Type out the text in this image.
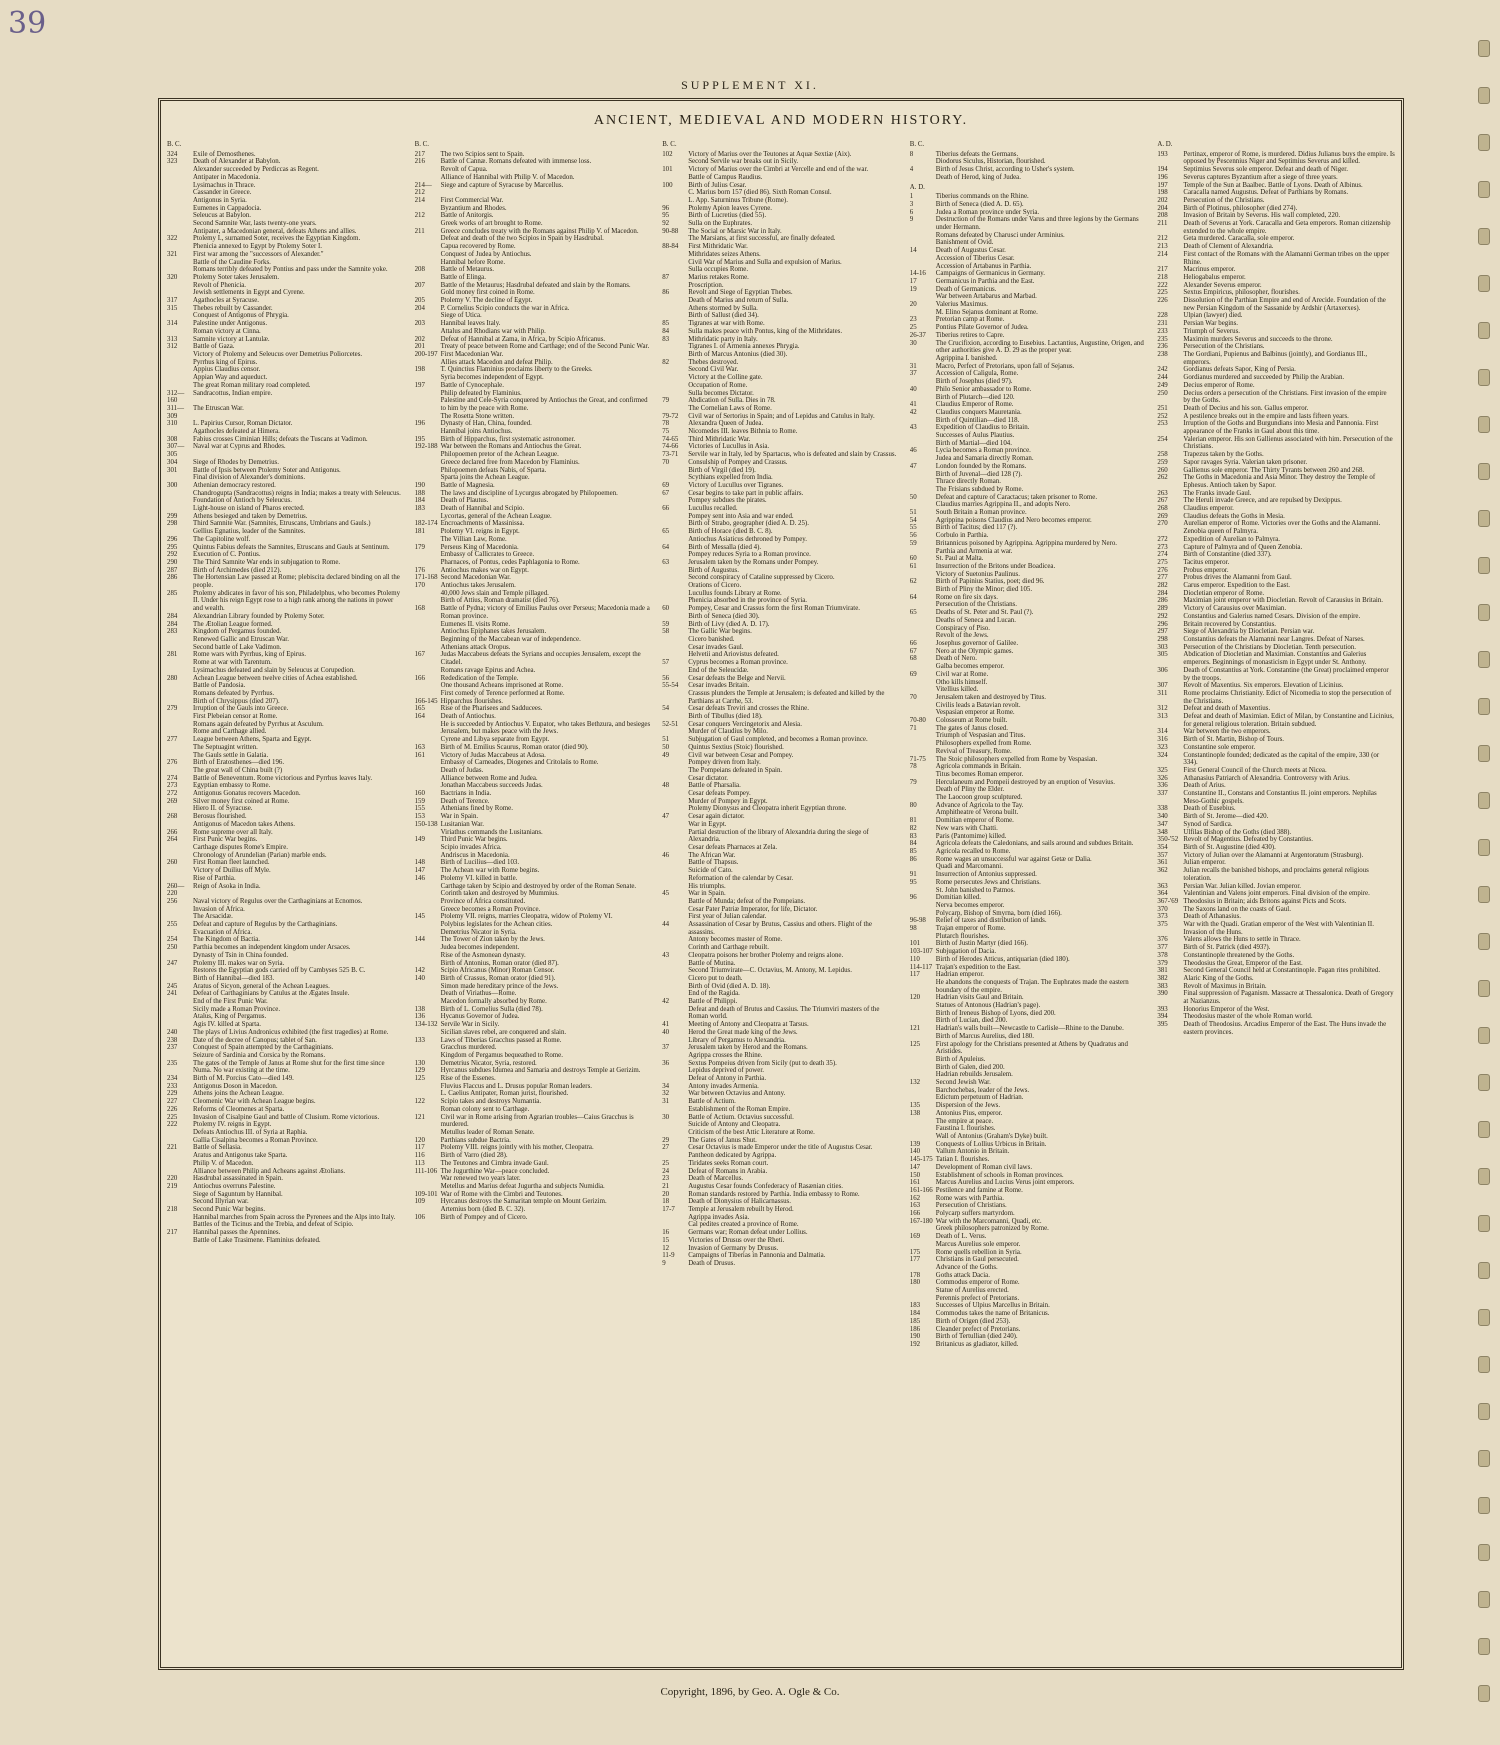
39
SUPPLEMENT XI.
ANCIENT, MEDIEVAL AND MODERN HISTORY.
B. C.
324	Exile of Demosthenes.
323	Death of Alexander at Babylon.
Alexander succeeded by Perdiccas as Regent.
Antipater in Macedonia.
Lysimachus in Thrace.
Cassander in Greece.
Antigonus in Syria.
Eumenes in Cappadocia.
Seleucus at Babylon.
Second Samnite War, lasts twenty-one years.
Antipater, a Macedonian general, defeats Athens and allies.
322	Ptolemy I., surnamed Soter, receives the Egyptian Kingdom.
Phenicia annexed to Egypt by Ptolemy Soter I.
321	First war among the "successors of Alexander."
Battle of the Caudine Forks.
Romans terribly defeated by Pontius and pass under the Samnite yoke.
320	Ptolemy Soter takes Jerusalem.
Revolt of Phenicia.
Jewish settlements in Egypt and Cyrene.
317	Agathocles at Syracuse.
315	Thebes rebuilt by Cassander.
Conquest of Antigonus of Phrygia.
314	Palestine under Antigonus.
Roman victory at Cinna.
313	Samnite victory at Lantulæ.
312	Battle of Gaza.
Victory of Ptolemy and Seleucus over Demetrius Poliorcetes.
Pyrrhus king of Epirus.
Appius Claudius censor.
Appian Way and aqueduct.
The great Roman military road completed.
312—160
Sandracottus, Indian empire.
311—309
The Etruscan War.
310	L. Papirius Cursor, Roman Dictator.
Agathocles defeated at Himera.
308	Fabius crosses Ciminian Hills; defeats the Tuscans at Vadimon.
307—305
Naval war at Cyprus and Rhodes.
304	Siege of Rhodes by Demetrius.
301	Battle of Ipsis between Ptolemy Soter and Antigonus.
Final division of Alexander's dominions.
300	Athenian democracy restored.
Chandrogupta (Sandracottus) reigns in India; makes a treaty with Seleucus.
Foundation of Antioch by Seleucus.
Light-house on island of Pharos erected.
299	Athens besieged and taken by Demetrius.
298	Third Samnite War. (Samnites, Etruscans, Umbrians and Gauls.)
Gellius Egnatius, leader of the Samnites.
296	The Capitoline wolf.
295	Quintus Fabius defeats the Samnites, Etruscans and Gauls at Sentinum.
292	Execution of C. Pontius.
290	The Third Samnite War ends in subjugation to Rome.
287	Birth of Archimedes (died 212).
286	The Hortensian Law passed at Rome; plebiscita declared binding on all the people.
285	Ptolemy abdicates in favor of his son, Philadelphus, who becomes Ptolemy II. Under his reign Egypt rose to a high rank among the nations in power and wealth.
284	Alexandrian Library founded by Ptolemy Soter.
284	The Ætolian League formed.
283	Kingdom of Pergamus founded.
Renewed Gallic and Etruscan War.
Second battle of Lake Vadimon.
281	Rome wars with Pyrrhus, king of Epirus.
Rome at war with Tarentum.
Lysimachus defeated and slain by Seleucus at Corupedion.
280	Achean League between twelve cities of Achea established.
Battle of Pandosia.
Romans defeated by Pyrrhus.
Birth of Chrysippus (died 207).
279	Irruption of the Gauls into Greece.
First Plebeian censor at Rome.
Romans again defeated by Pyrrhus at Asculum.
Rome and Carthage allied.
277	League between Athens, Sparta and Egypt.
The Septuagint written.
The Gauls settle in Galatia.
276	Birth of Eratosthenes—died 196.
The great wall of China built (?)
274	Battle of Beneventum. Rome victorious and Pyrrhus leaves Italy.
273	Egyptian embassy to Rome.
272	Antigonus Gonatus recovers Macedon.
269	Silver money first coined at Rome.
Hiero II. of Syracuse.
268	Berosus flourished.
Antigonus of Macedon takes Athens.
266	Rome supreme over all Italy.
264	First Punic War begins.
Carthage disputes Rome's Empire.
Chronology of Arundelian (Parian) marble ends.
260	First Roman fleet launched.
Victory of Duilius off Myle.
Rise of Parthia.
260—220
Reign of Asoka in India.
256	Naval victory of Regulus over the Carthaginians at Ecnomos.
Invasion of Africa.
The Arsacidæ.
255	Defeat and capture of Regulus by the Carthaginians.
Evacuation of Africa.
254	The Kingdom of Bactia.
250	Parthia becomes an independent kingdom under Arsaces.
Dynasty of Tsin in China founded.
247	Ptolemy III. makes war on Syria.
Restores the Egyptian gods carried off by Cambyses 525 B. C.
Birth of Hannibal—died 183.
245	Aratus of Sicyon, general of the Achean Leagues.
241	Defeat of Carthaginians by Catulus at the Ægates Insule.
End of the First Punic War.
Sicily made a Roman Province.
Atalus, King of Pergamus.
Agis IV. killed at Sparta.
240	The plays of Livius Andronicus exhibited (the first tragedies) at Rome.
238	Date of the decree of Canopus; tablet of San.
237	Conquest of Spain attempted by the Carthaginians.
Seizure of Sardinia and Corsica by the Romans.
235	The gates of the Temple of Janus at Rome shut for the first time since Numa. No war existing at the time.
234	Birth of M. Porcius Cato—died 149.
233	Antigonus Doson in Macedon.
229	Athens joins the Achean League.
227	Cleomenic War with Achean League begins.
226	Reforms of Cleomenes at Sparta.
225	Invasion of Cisalpine Gaul and battle of Clusium. Rome victorious.
222	Ptolemy IV. reigns in Egypt.
Defeats Antiochus III. of Syria at Raphia.
Gallia Cisalpina becomes a Roman Province.
221	Battle of Sellasia.
Aratus and Antigonus take Sparta.
Philip V. of Macedon.
Alliance between Philip and Acheans against Ætolians.
220	Hasdrubal assassinated in Spain.
219	Antiochus overruns Palestine.
Siege of Saguntum by Hannibal.
Second Illyrian war.
218	Second Punic War begins.
Hannibal marches from Spain across the Pyrenees and the Alps into Italy.
Battles of the Ticinus and the Trebia, and defeat of Scipio.
217	Hannibal passes the Apennines.
Battle of Lake Trasimene. Flaminius defeated.
B. C.
217	The two Scipios sent to Spain.
216	Battle of Cannæ. Romans defeated with immense loss.
Revolt of Capua.
Alliance of Hannibal with Philip V. of Macedon.
214—212
Siege and capture of Syracuse by Marcellus.
214	First Commercial War.
Byzantium and Rhodes.
212	Battle of Anitorgis.
Greek works of art brought to Rome.
211	Greece concludes treaty with the Romans against Philip V. of Macedon.
Defeat and death of the two Scipios in Spain by Hasdrubal.
Capua recovered by Rome.
Conquest of Judea by Antiochus.
Hannibal before Rome.
208	Battle of Metaurus.
Battle of Elinga.
207	Battle of the Metaurus; Hasdrubal defeated and slain by the Romans.
Gold money first coined in Rome.
205	Ptolemy V. The decline of Egypt.
204	P. Cornelius Scipio conducts the war in Africa.
Siege of Utica.
203	Hannibal leaves Italy.
Attalus and Rhodians war with Philip.
202	Defeat of Hannibal at Zama, in Africa, by Scipio Africanus.
201	Treaty of peace between Rome and Carthage; end of the Second Punic War.
200-197 First Macedonian War.
Allies attack Macedon and defeat Philip.
198	T. Quinctius Flaminius proclaims liberty to the Greeks.
Syria becomes independent of Egypt.
197	Battle of Cynocephale.
Philip defeated by Flaminius.
Palestine and Cele-Syria conquered by Antiochus the Great, and confirmed to him by the peace with Rome.
The Rosetta Stone written.
196	Dynasty of Han, China, founded.
Hannibal joins Antiochus.
195	Birth of Hipparchus, first systematic astronomer.
192-188 War between the Romans and Antiochus the Great.
Philopoemen pretor of the Achean League.
Greece declared free from Macedon by Flaminius.
Philopoemen defeats Nabis, of Sparta.
Sparta joins the Achean League.
190	Battle of Magnesia.
188	The laws and discipline of Lycurgus abrogated by Philopoemen.
184	Death of Plautus.
183	Death of Hannibal and Scipio.
Lycortas, general of the Achean League.
182-174 Encroachments of Massinissa.
181	Ptolemy VI. reigns in Egypt.
The Villian Law, Rome.
179	Perseus King of Macedonia.
Embassy of Callicrates to Greece.
Pharnaces, of Pontus, cedes Paphlagonia to Rome.
176	Antiochus makes war on Egypt.
171-168 Second Macedonian War.
170	Antiochus takes Jerusalem.
40,000 Jews slain and Temple pillaged.
Birth of Attius, Roman dramatist (died 76).
168	Battle of Pydna; victory of Emilius Paulus over Perseus; Macedonia made a Roman province.
Eumenes II. visits Rome.
Antiochus Epiphanes takes Jerusalem.
Beginning of the Maccabean war of independence.
Athenians attack Oropus.
167	Judas Maccabeus defeats the Syrians and occupies Jerusalem, except the Citadel.
Romans ravage Epirus and Achea.
166	Rededication of the Temple.
One thousand Acheans imprisoned at Rome.
First comedy of Terence performed at Rome.
166-145 Hipparchus flourishes.
165	Rise of the Pharisees and Sadducees.
164	Death of Antiochus.
He is succeeded by Antiochus V. Eupator, who takes Bethzura, and besieges Jerusalem, but makes peace with the Jews.
Cyrene and Libya separate from Egypt.
163	Birth of M. Emilius Scaurus, Roman orator (died 90).
161	Victory of Judas Maccabeus at Adosa.
Embassy of Carneades, Diogenes and Critolaüs to Rome.
Death of Judas.
Alliance between Rome and Judea.
Jonathan Maccabeus succeeds Judas.
160	Bactrians in India.
159	Death of Terence.
155	Athenians fined by Rome.
153	War in Spain.
150-138 Lusitanian War.
Viriathus commands the Lusitanians.
149	Third Punic War begins.
Scipio invades Africa.
Andriscus in Macedonia.
148	Birth of Lucilius—died 103.
147	The Achean war with Rome begins.
146	Ptolemy VI. killed in battle.
Carthage taken by Scipio and destroyed by order of the Roman Senate.
Corinth taken and destroyed by Mummius.
Province of Africa constituted.
Greece becomes a Roman Province.
145	Ptolemy VII. reigns, marries Cleopatra, widow of Ptolemy VI.
Polybius legislates for the Achean cities.
Demetrius Nicator in Syria.
144	The Tower of Zion taken by the Jews.
Judea becomes independent.
Rise of the Asmonean dynasty.
Birth of Antonius, Roman orator (died 87).
142	Scipio Africanus (Minor) Roman Censor.
140	Birth of Crassus, Roman orator (died 91).
Simon made hereditary prince of the Jews.
Death of Viriathus—Rome.
Macedon formally absorbed by Rome.
138	Birth of L. Cornelius Sulla (died 78).
136	Hycanus Governor of Judea.
134-132 Servile War in Sicily.
Sicilian slaves rebel, are conquered and slain.
133	Laws of Tiberias Gracchus passed at Rome.
Gracchus murdered.
Kingdom of Pergamus bequeathed to Rome.
130	Demetrius Nicator, Syria, restored.
129	Hyrcanus subdues Idumea and Samaria and destroys Temple at Gerizim.
125	Rise of the Essenes.
Fluvius Flaccus and L. Drusus popular Roman leaders.
L. Caelius Antipater, Roman jurist, flourished.
122	Scipio takes and destroys Numantia.
Roman colony sent to Carthage.
121	Civil war in Rome arising from Agrarian troubles—Caius Gracchus is murdered.
Metullus leader of Roman Senate.
120	Parthians subdue Bactria.
117	Ptolemy VIII. reigns jointly with his mother, Cleopatra.
116	Birth of Varro (died 28).
113	The Teutones and Cimbra invade Gaul.
111-106 The Jugurthine War—peace concluded.
War renewed two years later.
Metellus and Marius defeat Jugurtha and subjects Numidia.
109-101 War of Rome with the Cimbri and Teutones.
109	Hyrcanus destroys the Samaritan temple on Mount Gerizim.
Artemius born (died B. C. 32).
106	Birth of Pompey and of Cicero.
B. C.
102	Victory of Marius over the Teutones at Aquæ Sextiæ (Aix).
Second Servile war breaks out in Sicily.
101	Victory of Marius over the Cimbri at Vercelle and end of the war.
Battle of Campus Raudius.
100	Birth of Julius Cesar.
C. Marius born 157 (died 86). Sixth Roman Consul.
L. App. Saturninus Tribune (Rome).
96	Ptolemy Apion leaves Cyrene.
95	Birth of Lucretius (died 55).
92	Sulla on the Euphrates.
90-88	The Social or Marsic War in Italy.
The Marsians, at first successful, are finally defeated.
88-84	First Mithridatic War.
Mithridates seizes Athens.
Civil War of Marius and Sulla and expulsion of Marius.
Sulla occupies Rome.
87	Marius retakes Rome.
Proscription.
86	Revolt and Siege of Egyptian Thebes.
Death of Marius and return of Sulla.
Athens stormed by Sulla.
Birth of Sallust (died 34).
85	Tigranes at war with Rome.
84	Sulla makes peace with Pontus, king of the Mithridates.
83	Mithridatic party in Italy.
Tigranes I. of Armenia annexes Phrygia.
Birth of Marcus Antonius (died 30).
82	Thebes destroyed.
Second Civil War.
Victory at the Colline gate.
Occupation of Rome.
Sulla becomes Dictator.
79	Abdication of Sulla. Dies in 78.
The Cornelian Laws of Rome.
79-72	Civil war of Sertorius in Spain; and of Lepidus and Catulus in Italy.
78	Alexandra Queen of Judea.
75	Nicomedes III. leaves Bithnia to Rome.
74-65	Third Mithridatic War.
74-66	Victories of Lucullus in Asia.
73-71	Servile war in Italy, led by Spartacus, who is defeated and slain by Crassus.
70	Consulship of Pompey and Crassus.
Birth of Virgil (died 19).
Scythians expelled from India.
69	Victory of Lucullus over Tigranes.
67	Cesar begins to take part in public affairs.
Pompey subdues the pirates.
66	Lucullus recalled.
Pompey sent into Asia and war ended.
Birth of Strabo, geographer (died A. D. 25).
65	Birth of Horace (died B. C. 8).
Antiochus Asiaticus dethroned by Pompey.
64	Birth of Messalla (died 4).
Pompey reduces Syria to a Roman province.
63	Jerusalem taken by the Romans under Pompey.
Birth of Augustus.
Second conspiracy of Cataline suppressed by Cicero.
Orations of Cicero.
Lucullus founds Library at Rome.
Phenicia absorbed in the province of Syria.
60	Pompey, Cesar and Crassus form the first Roman Triumvirate.
Birth of Seneca (died 30).
59	Birth of Livy (died A. D. 17).
58	The Gallic War begins.
Cicero banished.
Cesar invades Gaul.
Helvetii and Ariovistus defeated.
57	Cyprus becomes a Roman province.
End of the Seleucidæ.
56	Cesar defeats the Belge and Nervii.
55-54	Cesar invades Britain.
Crassus plunders the Temple at Jerusalem; is defeated and killed by the Parthians at Carrhe, 53.
54	Cesar defeats Treviri and crosses the Rhine.
Birth of Tibullus (died 18).
52-51	Cesar conquers Vercingetorix and Alesia.
Murder of Claudius by Milo.
51	Subjugation of Gaul completed, and becomes a Roman province.
50	Quintus Sextius (Stoic) flourished.
49	Civil war between Cesar and Pompey.
Pompey driven from Italy.
The Pompeians defeated in Spain.
Cesar dictator.
48	Battle of Pharsalia.
Cesar defeats Pompey.
Murder of Pompey in Egypt.
Ptolemy Dionysus and Cleopatra inherit Egyptian throne.
47	Cesar again dictator.
War in Egypt.
Partial destruction of the library of Alexandria during the siege of Alexandria.
Cesar defeats Pharnaces at Zela.
46	The African War.
Battle of Thapsus.
Suicide of Cato.
Reformation of the calendar by Cesar.
His triumphs.
45	War in Spain.
Battle of Munda; defeat of the Pompeians.
Cesar Pater Patriæ Imperator, for life, Dictator.
First year of Julian calendar.
44	Assassination of Cesar by Brutus, Cassius and others. Flight of the assassins.
Antony becomes master of Rome.
Corinth and Carthage rebuilt.
43	Cleopatra poisons her brother Ptolemy and reigns alone.
Battle of Mutina.
Second Triumvirate—C. Octavius, M. Antony, M. Lepidus.
Cicero put to death.
Birth of Ovid (died A. D. 18).
End of the Ragida.
42	Battle of Philippi.
Defeat and death of Brutus and Cassius. The Triumviri masters of the Roman world.
41	Meeting of Antony and Cleopatra at Tarsus.
40	Herod the Great made king of the Jews.
Library of Pergamus to Alexandria.
37	Jerusalem taken by Herod and the Romans.
Agrippa crosses the Rhine.
36	Sextus Pompeius driven from Sicily (put to death 35).
Lepidus deprived of power.
Defeat of Antony in Parthia.
34	Antony invades Armenia.
32	War between Octavius and Antony.
31	Battle of Actium.
Establishment of the Roman Empire.
30	Battle of Actium. Octavius successful.
Suicide of Antony and Cleopatra.
Criticism of the best Attic Literature at Rome.
29	The Gates of Janus Shut.
27	Cesar Octavius is made Emperor under the title of Augustus Cesar.
Pantheon dedicated by Agrippa.
25	Tiridates seeks Roman court.
24	Defeat of Romans in Arabia.
23	Death of Marcellus.
21	Augustus Cesar founds Confederacy of Rasænian cities.
20	Roman standards restored by Parthia. India embassy to Rome.
18	Death of Dionysius of Halicarnassus.
17-7	Temple at Jerusalem rebuilt by Herod.
Agrippa invades Asia.
Cal pedites created a province of Rome.
16	Germans war; Roman defeat under Lollius.
15	Victories of Drusus over the Rheti.
12	Invasion of Germany by Drusus.
11-9	Campaigns of Tiberias in Pannonia and Dalmatia.
9	Death of Drusus.
B. C.
8	Tiberius defeats the Germans.
Diodorus Siculus, Historian, flourished.
4	Birth of Jesus Christ, according to Usher's system.
Death of Herod, king of Judea.
A. D.
1	Tiberius commands on the Rhine.
3	Birth of Seneca (died A. D. 65).
6	Judea a Roman province under Syria.
9	Destruction of the Romans under Varus and three legions by the Germans under Hermann.
Romans defeated by Charusci under Arminius.
Banishment of Ovid.
14	Death of Augustus Cesar.
Accession of Tiberius Cesar.
Accession of Artabanus in Parthia.
14-16	Campaigns of Germanicus in Germany.
17	Germanicus in Parthia and the East.
19	Death of Germanicus.
War between Artabarus and Marbad.
20	Valerius Maximus.
M. Elino Sejanus dominant at Rome.
23	Pretorian camp at Rome.
25	Pontius Pilate Governor of Judea.
26-37	Tiberius retires to Capre.
30	The Crucifixion, according to Eusebius. Lactantius, Augustine, Origen, and other authorities give A. D. 29 as the proper year.
Agrippina I. banished.
31	Macro, Perfect of Pretorians, upon fall of Sejanus.
37	Accession of Caligula, Rome.
Birth of Josephus (died 97).
40	Philo Senior ambassador to Rome.
Birth of Plutarch—died 120.
41	Claudius Emperor of Rome.
42	Claudius conquers Mauretania.
Birth of Quintilian—died 118.
43	Expedition of Claudius to Britain.
Successes of Aulus Plautius.
Birth of Martial—died 104.
46	Lycia becomes a Roman province.
Judea and Samaria directly Roman.
47	London founded by the Romans.
Birth of Juvenal—died 128 (?).
Thrace directly Roman.
The Frisians subdued by Rome.
50	Defeat and capture of Caractacus; taken prisoner to Rome.
Claudius marries Agrippina II., and adopts Nero.
51	South Britain a Roman province.
54	Agrippina poisons Claudius and Nero becomes emperor.
55	Birth of Tacitus; died 117 (?).
56	Corbulo in Parthia.
59	Britannicus poisoned by Agrippina. Agrippina murdered by Nero.
Parthia and Armenia at war.
60	St. Paul at Malta.
61	Insurrection of the Britons under Boadicea.
Victory of Suetonius Paulinus.
62	Birth of Papinius Statius, poet; died 96.
Birth of Pliny the Minor; died 105.
64	Rome on fire six days.
Persecution of the Christians.
65	Deaths of St. Peter and St. Paul (?).
Deaths of Seneca and Lucan.
Conspiracy of Piso.
Revolt of the Jews.
66	Josephus governor of Galilee.
67	Nero at the Olympic games.
68	Death of Nero.
Galba becomes emperor.
69	Civil war at Rome.
Otho kills himself.
Vitellius killed.
70	Jerusalem taken and destroyed by Titus.
Civilis leads a Batavian revolt.
Vespasian emperor at Rome.
70-80	Colosseum at Rome built.
71	The gates of Janus closed.
Triumph of Vespasian and Titus.
Philosophers expelled from Rome.
Revival of Treasury, Rome.
71-75	The Stoic philosophers expelled from Rome by Vespasian.
78	Agricola commands in Britain.
Titus becomes Roman emperor.
79	Herculaneum and Pompeii destroyed by an eruption of Vesuvius.
Death of Pliny the Elder.
The Laocoon group sculptured.
80	Advance of Agricola to the Tay.
Amphitheatre of Verona built.
81	Domitian emperor of Rome.
82	New wars with Chatti.
83	Paris (Pantomime) killed.
84	Agricola defeats the Caledonians, and sails around and subdues Britain.
85	Agricola recalled to Rome.
86	Rome wages an unsuccessful war against Getæ or Dalia.
Quadi and Marcomanni.
91	Insurrection of Antonius suppressed.
95	Rome persecutes Jews and Christians.
St. John banished to Patmos.
96	Domitian killed.
Nerva becomes emperor.
Polycarp, Bishop of Smyrna, born (died 166).
96-98	Relief of taxes and distribution of lands.
98	Trajan emperor of Rome.
Plutarch flourishes.
101	Birth of Justin Martyr (died 166).
103-107 Subjugation of Dacia.
110	Birth of Herodes Atticus, antiquarian (died 180).
114-117 Trajan's expedition to the East.
117	Hadrian emperor.
He abandons the conquests of Trajan. The Euphrates made the eastern boundary of the empire.
120	Hadrian visits Gaul and Britain.
Statues of Antonous (Hadrian's page).
Birth of Ireneus Bishop of Lyons, died 200.
Birth of Lucian, died 200.
121	Hadrian's walls built—Newcastle to Carlisle—Rhine to the Danube.
Birth of Marcus Aurelius, died 180.
125	First apology for the Christians presented at Athens by Quadratus and Aristides.
Birth of Apuleius.
Birth of Galen, died 200.
Hadrian rebuilds Jerusalem.
132	Second Jewish War.
Barchochebas, leader of the Jews.
Edictum perpetuum of Hadrian.
135	Dispersion of the Jews.
138	Antonius Pius, emperor.
The empire at peace.
Faustina I. flourishes.
Wall of Antonius (Graham's Dyke) built.
139	Conquests of Lollius Urbicus in Britain.
140	Vallum Antonio in Britain.
145-175 Tatian I. flourishes.
147	Development of Roman civil laws.
150	Establishment of schools in Roman provinces.
161	Marcus Aurelius and Lucius Verus joint emperors.
161-166 Pestilence and famine at Rome.
162	Rome wars with Parthia.
163	Persecution of Christians.
166	Polycarp suffers martyrdom.
167-180 War with the Marcomanni, Quadi, etc.
Greek philosophers patronized by Rome.
169	Death of L. Verus.
Marcus Aurelius sole emperor.
175	Rome quells rebellion in Syria.
177	Christians in Gaul persecuted.
Advance of the Goths.
178	Goths attack Dacia.
180	Commodus emperor of Rome.
Statue of Aurelius erected.
Perennis prefect of Pretorians.
183	Successes of Ulpius Marcellus in Britain.
184	Commodus takes the name of Britanicus.
185	Birth of Origen (died 253).
186	Cleander prefect of Pretorians.
190	Birth of Tertullian (died 240).
192	Britanicus as gladiator, killed.
A. D.
193	Pertinax, emperor of Rome, is murdered. Didius Julianus buys the empire. Is opposed by Pescennius Niger and Septimius Severus and killed.
194	Septimius Severus sole emperor. Defeat and death of Niger.
196	Severus captures Byzantium after a siege of three years.
197	Temple of the Sun at Baalbec. Battle of Lyons. Death of Albinus.
198	Caracalla named Augustus. Defeat of Parthians by Romans.
202	Persecution of the Christians.
204	Birth of Plotinus, philosopher (died 274).
208	Invasion of Britain by Severus. His wall completed, 220.
211	Death of Severus at York. Caracalla and Geta emperors. Roman citizenship extended to the whole empire.
212	Geta murdered. Caracalla, sole emperor.
213	Death of Clement of Alexandria.
214	First contact of the Romans with the Alamanni German tribes on the upper Rhine.
217	Macrinus emperor.
218	Heliogabalus emperor.
222	Alexander Severus emperor.
225	Sextus Empiricus, philosopher, flourishes.
226	Dissolution of the Parthian Empire and end of Arecide. Foundation of the new Persian Kingdom of the Sassanide by Ardshir (Artaxerxes).
228	Ulpian (lawyer) died.
231	Persian War begins.
233	Triumph of Severus.
235	Maximin murders Severus and succeeds to the throne.
236	Persecution of the Christians.
238	The Gordiani, Pupienus and Balbinus (jointly), and Gordianus III., emperors.
242	Gordianus defeats Sapor, King of Persia.
244	Gordianus murdered and succeeded by Philip the Arabian.
249	Decius emperor of Rome.
250	Decius orders a persecution of the Christians. First invasion of the empire by the Goths.
251	Death of Decius and his son. Gallus emperor.
252	A pestilence breaks out in the empire and lasts fifteen years.
253	Irruption of the Goths and Burgundians into Mesia and Pannonia. First appearance of the Franks in Gaul about this time.
254	Valerian emperor. His son Gallienus associated with him. Persecution of the Christians.
258	Trapezus taken by the Goths.
259	Sapor ravages Syria. Valerian taken prisoner.
260	Gallienus sole emperor. The Thirty Tyrants between 260 and 268.
262	The Goths in Macedonia and Asia Minor. They destroy the Temple of Ephesus. Antioch taken by Sapor.
263	The Franks invade Gaul.
267	The Heruli invade Greece, and are repulsed by Dexippus.
268	Claudius emperor.
269	Claudius defeats the Goths in Mesia.
270	Aurelian emperor of Rome. Victories over the Goths and the Alamanni. Zenobia queen of Palmyra.
272	Expedition of Aurelian to Palmyra.
273	Capture of Palmyra and of Queen Zenobia.
274	Birth of Constantine (died 337).
275	Tacitus emperor.
276	Probus emperor.
277	Probus drives the Alamanni from Gaul.
282	Carus emperor. Expedition to the East.
284	Diocletian emperor of Rome.
286	Maximian joint emperor with Diocletian. Revolt of Carausius in Britain.
289	Victory of Carausius over Maximian.
292	Constantius and Galerius named Cesars. Division of the empire.
296	Britain recovered by Constantius.
297	Siege of Alexandria by Diocletian. Persian war.
298	Constantius defeats the Alamanni near Langres. Defeat of Narses.
303	Persecution of the Christians by Diocletian. Tenth persecution.
305	Abdication of Diocletian and Maximian. Constantius and Galerius emperors. Beginnings of monasticism in Egypt under St. Anthony.
306	Death of Constantius at York. Constantine (the Great) proclaimed emperor by the troops.
307	Revolt of Maxentius. Six emperors. Elevation of Licinius.
311	Rome proclaims Christianity. Edict of Nicomedia to stop the persecution of the Christians.
312	Defeat and death of Maxentius.
313	Defeat and death of Maximian. Edict of Milan, by Constantine and Licinius, for general religious toleration. Britain subdued.
314	War between the two emperors.
316	Birth of St. Martin, Bishop of Tours.
323	Constantine sole emperor.
324	Constantinople founded; dedicated as the capital of the empire, 330 (or 334).
325	First General Council of the Church meets at Nicea.
326	Athanasius Patriarch of Alexandria. Controversy with Arius.
336	Death of Arius.
337	Constantine II., Constans and Constantius II. joint emperors. Nephilas Meso-Gothic gospels.
338	Death of Eusebius.
340	Birth of St. Jerome—died 420.
347	Synod of Sardica.
348	Ulfilas Bishop of the Goths (died 388).
350-'52 Revolt of Magentius. Defeated by Constantius.
354	Birth of St. Augustine (died 430).
357	Victory of Julian over the Alamanni at Argentoratum (Strasburg).
361	Julian emperor.
362	Julian recalls the banished bishops, and proclaims general religious toleration.
363	Persian War. Julian killed. Jovian emperor.
364	Valentinian and Valens joint emperors. Final division of the empire.
367-'69 Theodosius in Britain; aids Britons against Picts and Scots.
370	The Saxons land on the coasts of Gaul.
373	Death of Athanasius.
375	War with the Quadi. Gratian emperor of the West with Valentinian II. Invasion of the Huns.
376	Valens allows the Huns to settle in Thrace.
377	Birth of St. Patrick (died 493?).
378	Constantinople threatened by the Goths.
379	Theodosius the Great, Emperor of the East.
381	Second General Council held at Constantinople. Pagan rites prohibited.
382	Alaric King of the Goths.
383	Revolt of Maximus in Britain.
390	Final suppression of Paganism. Massacre at Thessalonica. Death of Gregory at Nazianzus.
393	Honorius Emperor of the West.
394	Theodosius master of the whole Roman world.
395	Death of Theodosius. Arcadius Emperor of the East. The Huns invade the eastern provinces.
Copyright, 1896, by Geo. A. Ogle & Co.
